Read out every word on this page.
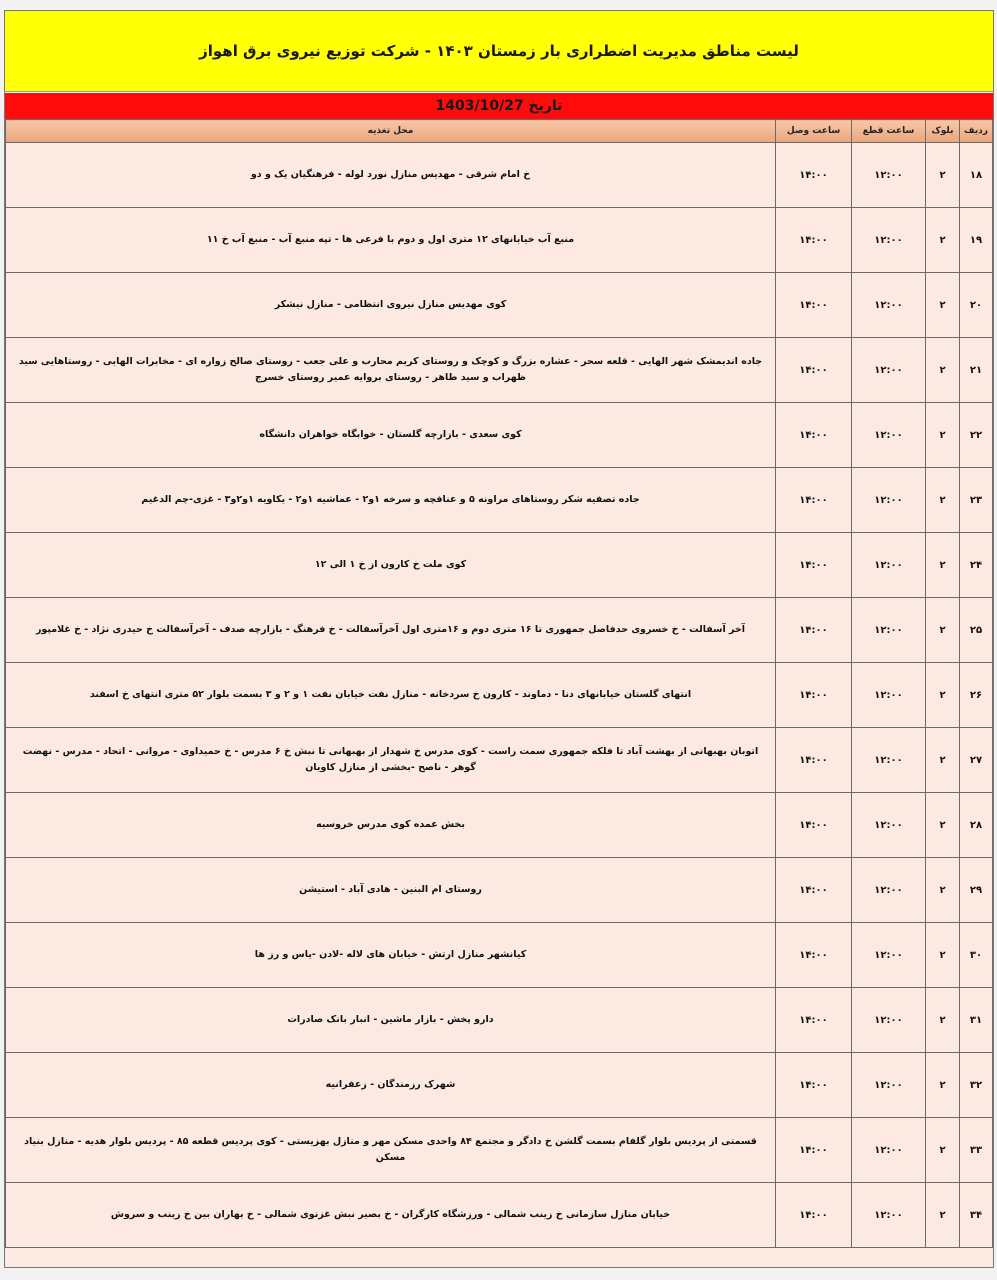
لیست مناطق مدیریت اضطراری بار زمستان ۱۴۰۳ - شرکت توزیع نیروی برق اهواز
تاریخ 1403/10/27
ردیف	بلوک	ساعت قطع	ساعت وصل	محل تغذیه
۱۸	۲	۱۲:۰۰	۱۴:۰۰	خ امام شرقی - مهدیس منازل نورد لوله - فرهنگیان یک و دو
۱۹	۲	۱۲:۰۰	۱۴:۰۰	منبع آب خیابانهای ۱۲ متری اول و دوم با فرعی ها - تپه منبع آب - منبع آب خ ۱۱
۲۰	۲	۱۲:۰۰	۱۴:۰۰	کوی مهدیس منازل نیروی انتظامی - منازل نیشکر
۲۱	۲	۱۲:۰۰	۱۴:۰۰	جاده اندیمشک شهر الهایی - قلعه سحر - عشاره بزرگ و کوچک و روستای کریم محارب و علی جعب - روستای صالح زواره ای - مخابرات الهایی - روستاهایی سید ظهراب و سید طاهر - روستای بروایه عمیر روستای خسرج
۲۲	۲	۱۲:۰۰	۱۴:۰۰	کوی سعدی - بازارچه گلستان - خوابگاه خواهران دانشگاه
۲۳	۲	۱۲:۰۰	۱۴:۰۰	جاده تصفیه شکر روستاهای مراونه ۵ و عنافچه و سرخه ۱و۲ - عماشیه ۱و۲ - یکاویه ۱و۲و۳ - غزی-چم الدغیم
۲۴	۲	۱۲:۰۰	۱۴:۰۰	کوی ملت خ کارون از خ ۱ الی ۱۲
۲۵	۲	۱۲:۰۰	۱۴:۰۰	آخر آسفالت - خ خسروی حدفاصل جمهوری تا ۱۶ متری دوم و ۱۶متری اول آخرآسفالت - خ فرهنگ - بازارچه صدف - آخرآسفالت خ حیدری نژاد - خ غلامپور
۲۶	۲	۱۲:۰۰	۱۴:۰۰	انتهای گلستان خیابانهای دنا - دماوند - کارون خ سردخانه - منازل نفت خیابان نفت ۱ و ۲ و ۳ بسمت بلوار ۵۲ متری انتهای خ اسفند
۲۷	۲	۱۲:۰۰	۱۴:۰۰	اتوبان بهبهانی از بهشت آباد تا فلکه جمهوری سمت راست - کوی مدرس خ شهدار از بهبهانی تا نبش خ ۶ مدرس - خ حمیداوی - مروانی - اتحاد - مدرس - نهضت گوهر - ناصح -بخشی از منازل کاویان
۲۸	۲	۱۲:۰۰	۱۴:۰۰	بخش عمده کوی مدرس خروسیه
۲۹	۲	۱۲:۰۰	۱۴:۰۰	روستای ام البنین - هادی آباد - استیشن
۳۰	۲	۱۲:۰۰	۱۴:۰۰	کیانشهر منازل ارتش - خیابان های لاله -لادن -یاس و رز ها
۳۱	۲	۱۲:۰۰	۱۴:۰۰	دارو پخش - بازار ماشین - انبار بانک صادرات
۳۲	۲	۱۲:۰۰	۱۴:۰۰	شهرک رزمندگان - زعفرانیه
۳۳	۲	۱۲:۰۰	۱۴:۰۰	قسمتی از پردیس بلوار گلفام بسمت گلشن خ دادگر و مجتمع ۸۴ واحدی مسکن مهر و منازل بهزیستی - کوی پردیس قطعه ۸۵ - پردیس بلوار هدیه - منازل بنیاد مسکن
۳۴	۲	۱۲:۰۰	۱۴:۰۰	خیابان منازل سازمانی خ زینب شمالی - ورزشگاه کارگران - خ بصیر نبش غزنوی شمالی - خ بهاران بین خ زینب و سروش
